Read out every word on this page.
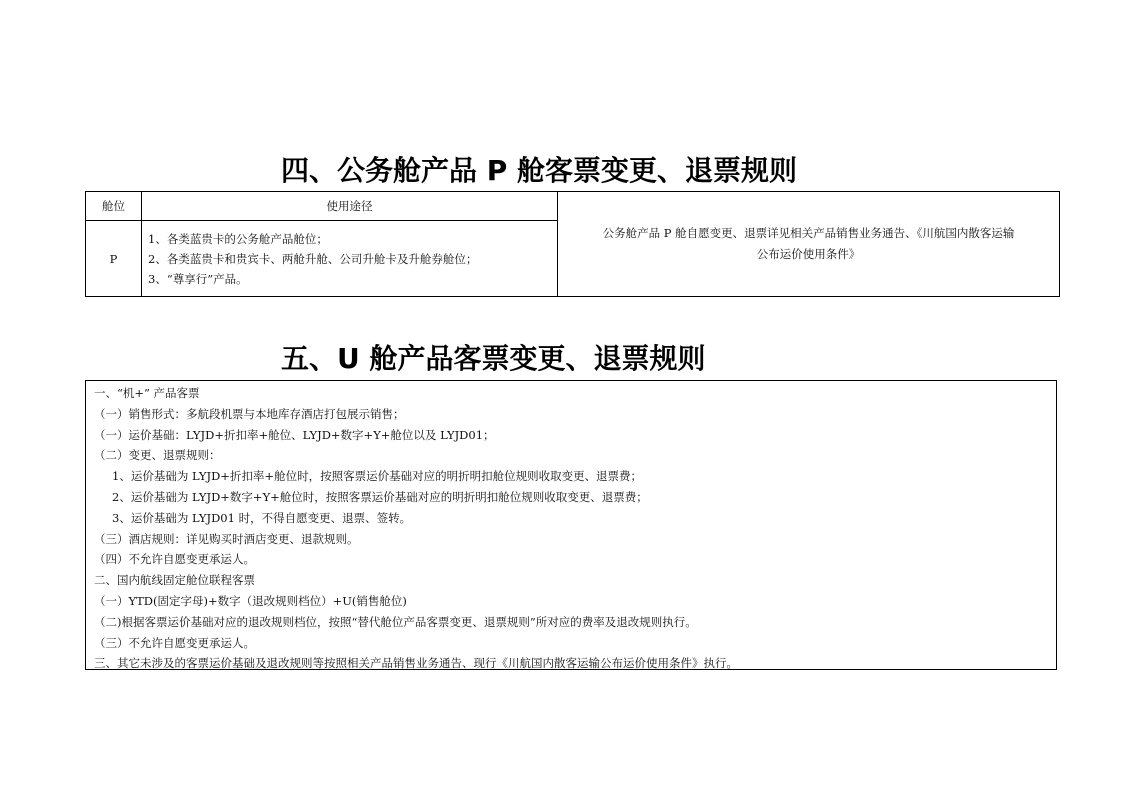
四、公务舱产品 P 舱客票变更、退票规则
舱位	使用途径	公务舱产品 P 舱自愿变更、退票详见相关产品销售业务通告、《川航国内散客运输
公布运价使用条件》

P	1、各类蓝贵卡的公务舱产品舱位；
2、各类蓝贵卡和贵宾卡、两舱升舱、公司升舱卡及升舱券舱位；
3、“尊享行”产品。	
五、U 舱产品客票变更、退票规则
一、“机+” 产品客票
（一）销售形式：多航段机票与本地库存酒店打包展示销售；
（一）运价基础：LYJD+折扣率+舱位、LYJD+数字+Y+舱位以及 LYJD01；
（二）变更、退票规则：
1、运价基础为 LYJD+折扣率+舱位时，按照客票运价基础对应的明折明扣舱位规则收取变更、退票费；
2、运价基础为 LYJD+数字+Y+舱位时，按照客票运价基础对应的明折明扣舱位规则收取变更、退票费；
3、运价基础为 LYJD01 时，不得自愿变更、退票、签转。
（三）酒店规则：详见购买时酒店变更、退款规则。
（四）不允许自愿变更承运人。
二、国内航线固定舱位联程客票
（一）YTD(固定字母)+数字（退改规则档位）+U(销售舱位)
（二)根据客票运价基础对应的退改规则档位，按照“替代舱位产品客票变更、退票规则”所对应的费率及退改规则执行。
（三）不允许自愿变更承运人。
三、其它未涉及的客票运价基础及退改规则等按照相关产品销售业务通告、现行《川航国内散客运输公布运价使用条件》执行。
